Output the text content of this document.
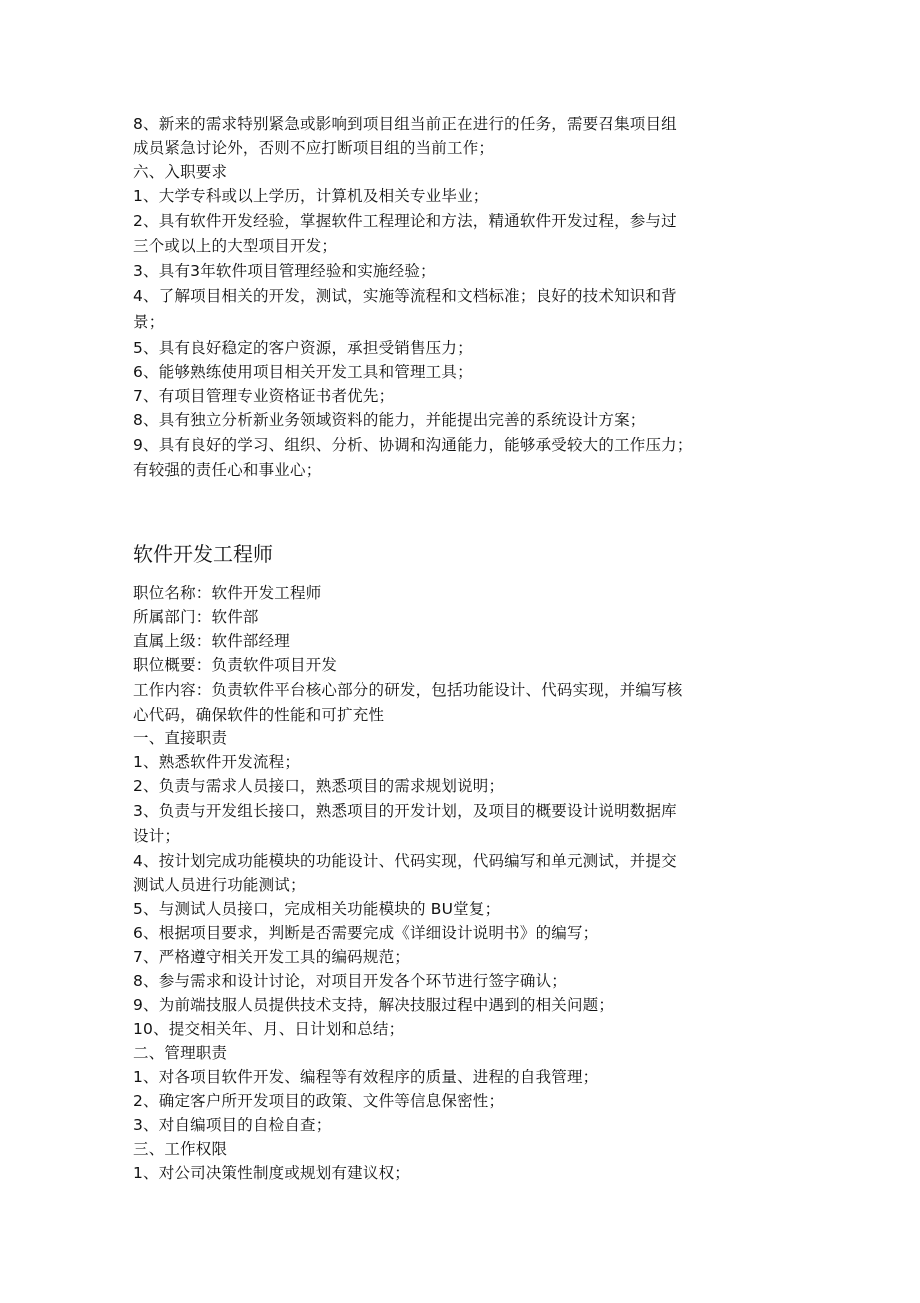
8、新来的需求特别紧急或影响到项目组当前正在进行的任务，需要召集项目组
成员紧急讨论外，否则不应打断项目组的当前工作；
六、入职要求
1、大学专科或以上学历，计算机及相关专业毕业；
2、具有软件开发经验，掌握软件工程理论和方法，精通软件开发过程，参与过
三个或以上的大型项目开发；
3、具有3年软件项目管理经验和实施经验；
4、了解项目相关的开发，测试，实施等流程和文档标准；良好的技术知识和背
景；
5、具有良好稳定的客户资源，承担受销售压力；
6、能够熟练使用项目相关开发工具和管理工具；
7、有项目管理专业资格证书者优先；
8、具有独立分析新业务领域资料的能力，并能提出完善的系统设计方案；
9、具有良好的学习、组织、分析、协调和沟通能力，能够承受较大的工作压力；
有较强的责任心和事业心；
软件开发工程师
职位名称：软件开发工程师
所属部门：软件部
直属上级：软件部经理
职位概要：负责软件项目开发
工作内容：负责软件平台核心部分的研发，包括功能设计、代码实现，并编写核
心代码，确保软件的性能和可扩充性
一、直接职责
1、熟悉软件开发流程；
2、负责与需求人员接口，熟悉项目的需求规划说明；
3、负责与开发组长接口，熟悉项目的开发计划，及项目的概要设计说明数据库
设计；
4、按计划完成功能模块的功能设计、代码实现，代码编写和单元测试，并提交
测试人员进行功能测试；
5、与测试人员接口，完成相关功能模块的 BU堂复；
6、根据项目要求，判断是否需要完成《详细设计说明书》的编写；
7、严格遵守相关开发工具的编码规范；
8、参与需求和设计讨论，对项目开发各个环节进行签字确认；
9、为前端技服人员提供技术支持，解决技服过程中遇到的相关问题；
10、提交相关年、月、日计划和总结；
二、管理职责
1、对各项目软件开发、编程等有效程序的质量、进程的自我管理；
2、确定客户所开发项目的政策、文件等信息保密性；
3、对自编项目的自检自查；
三、工作权限
1、对公司决策性制度或规划有建议权；
